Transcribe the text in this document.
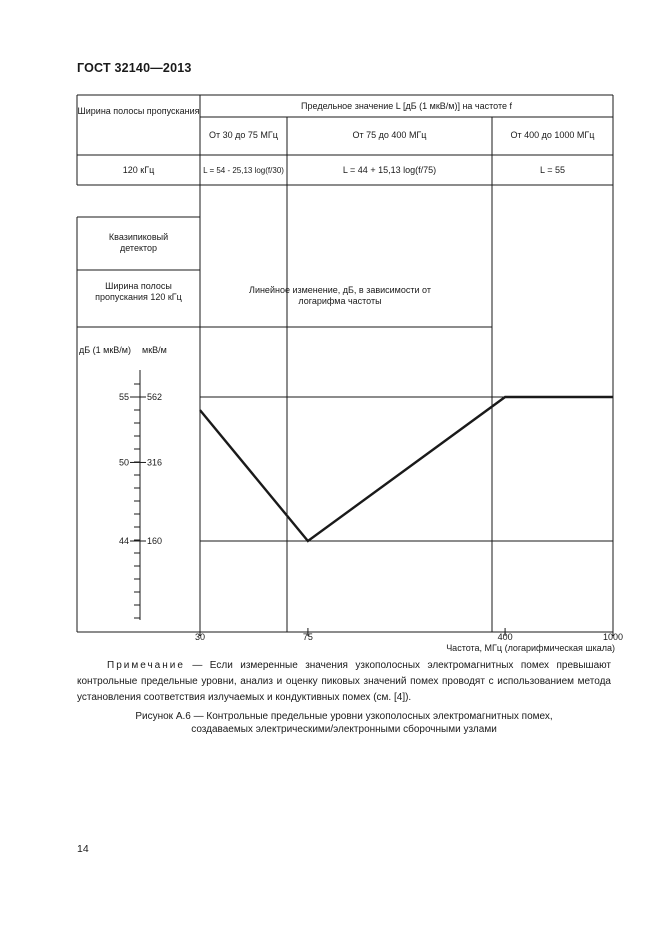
ГОСТ 32140—2013
55 562
50 316
44 160
30	75	400	1000
Ширина полосы пропускания	Предельное значение L [дБ (1 мкВ/м)] на частоте f
От 30 до 75 МГц	От 75 до 400 МГц	От 400 до 1000 МГц
120 кГц	L = 54 - 25,13 log(f/30)	L = 44 + 15,13 log(f/75)	L = 55
Квазипиковый детектор
Ширина полосы пропускания 120 кГц
Линейное изменение, дБ, в зависимости от логарифма частоты
дБ (1 мкВ/м) мкВ/м
Частота, МГц (логарифмическая шкала)
Примечание — Если измеренные значения узкополосных электромагнитных помех превышают контрольные предельные уровни, анализ и оценку пиковых значений помех проводят с использованием метода установления соответствия излучаемых и кондуктивных помех (см. [4]).
Рисунок А.6 — Контрольные предельные уровни узкополосных электромагнитных помех,
создаваемых электрическими/электронными сборочными узлами
14
